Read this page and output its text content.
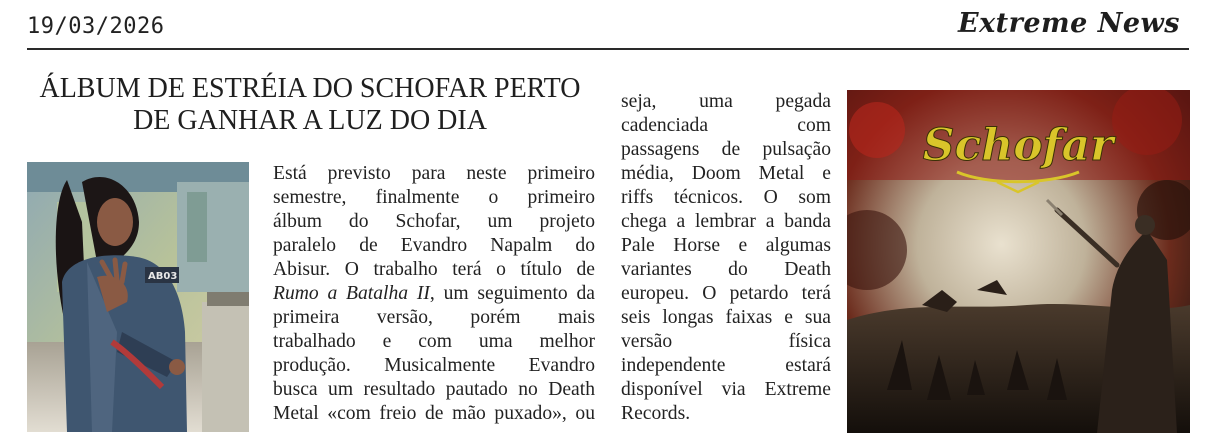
19/03/2026	Extreme News
ÁLBUM DE ESTRÉIA DO SCHOFAR PERTO
DE GANHAR A LUZ DO DIA
AB03

Está previsto para neste primeiro
semestre, finalmente o primeiro
álbum do Schofar, um projeto
paralelo de Evandro Napalm do
Abisur. O trabalho terá o título de
Rumo a Batalha II, um seguimento da
primeira versão, porém mais
trabalhado e com uma melhor
produção. Musicalmente Evandro
busca um resultado pautado no Death
Metal «com freio de mão puxado», ou

seja, uma pegada
cadenciada com
passagens de pulsação
média, Doom Metal e
riffs técnicos. O som
chega a lembrar a banda
Pale Horse e algumas
variantes do Death
europeu. O petardo terá
seis longas faixas e sua
versão física
independente estará
disponível via Extreme
Records.

Schofar
